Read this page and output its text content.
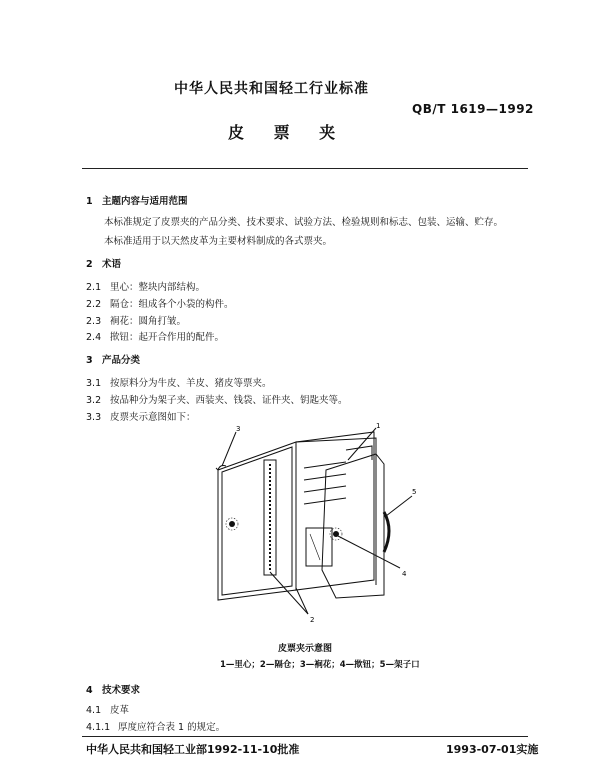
中华人民共和国轻工行业标准
QB/T 1619—1992
皮 票 夹
1 主题内容与适用范围
本标准规定了皮票夹的产品分类、技术要求、试验方法、检验规则和标志、包装、运输、贮存。
本标准适用于以天然皮革为主要材料制成的各式票夹。
2 术语
2.1 里心：整块内部结构。
2.2 隔仓：组成各个小袋的构件。
2.3 裥花：圆角打皱。
2.4 揿钮：起开合作用的配件。
3 产品分类
3.1 按原料分为牛皮、羊皮、猪皮等票夹。
3.2 按品种分为架子夹、西装夹、钱袋、证件夹、钥匙夹等。
3.3 皮票夹示意图如下：
1
2
3
4
5
皮票夹示意图
1—里心；2—隔仓；3—裥花；4—揿钮；5—架子口
4 技术要求
4.1 皮革
4.1.1 厚度应符合表 1 的规定。
中华人民共和国轻工业部1992-11-10批准	1993-07-01实施
